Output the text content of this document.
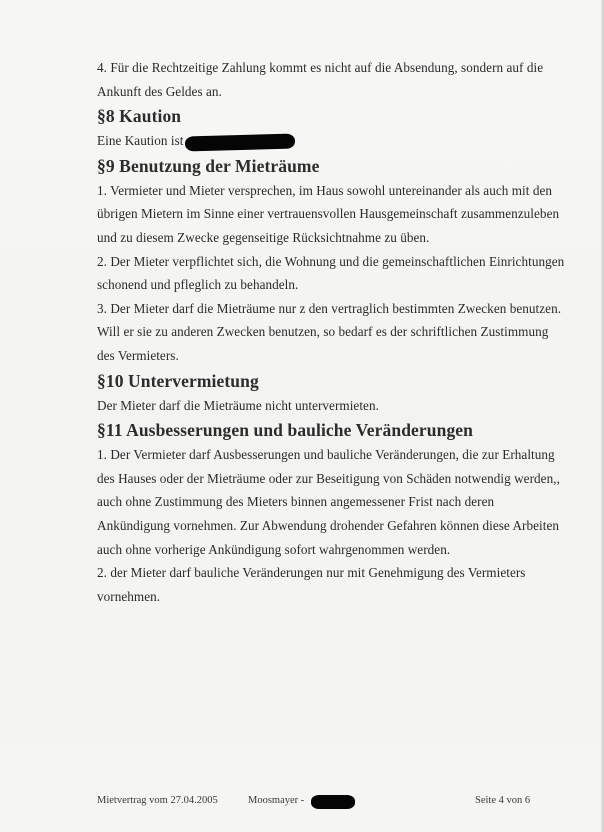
4. Für die Rechtzeitige Zahlung kommt es nicht auf die Absendung, sondern auf die Ankunft des Geldes an.

§8 Kaution

Eine Kaution ist

§9 Benutzung der Mieträume

1. Vermieter und Mieter versprechen, im Haus sowohl untereinander als auch mit den übrigen Mietern im Sinne einer vertrauensvollen Hausgemeinschaft zusammenzuleben und zu diesem Zwecke gegenseitige Rücksichtnahme zu üben.

2. Der Mieter verpflichtet sich, die Wohnung und die gemeinschaftlichen Einrichtungen schonend und pfleglich zu behandeln.

3. Der Mieter darf die Mieträume nur z den vertraglich bestimmten Zwecken benutzen. Will er sie zu anderen Zwecken benutzen, so bedarf es der schriftlichen Zustimmung des Vermieters.

§10 Untervermietung

Der Mieter darf die Mieträume nicht untervermieten.

§11 Ausbesserungen und bauliche Veränderungen

1. Der Vermieter darf Ausbesserungen und bauliche Veränderungen, die zur Erhaltung des Hauses oder der Mieträume oder zur Beseitigung von Schäden notwendig werden,, auch ohne Zustimmung des Mieters binnen angemessener Frist nach deren Ankündigung vornehmen. Zur Abwendung drohender Gefahren können diese Arbeiten auch ohne vorherige Ankündigung sofort wahrgenommen werden.

2. der Mieter darf bauliche Veränderungen nur mit Genehmigung des Vermieters vornehmen.

Mietvertrag vom 27.04.2005	Moosmayer -	Seite 4 von 6
